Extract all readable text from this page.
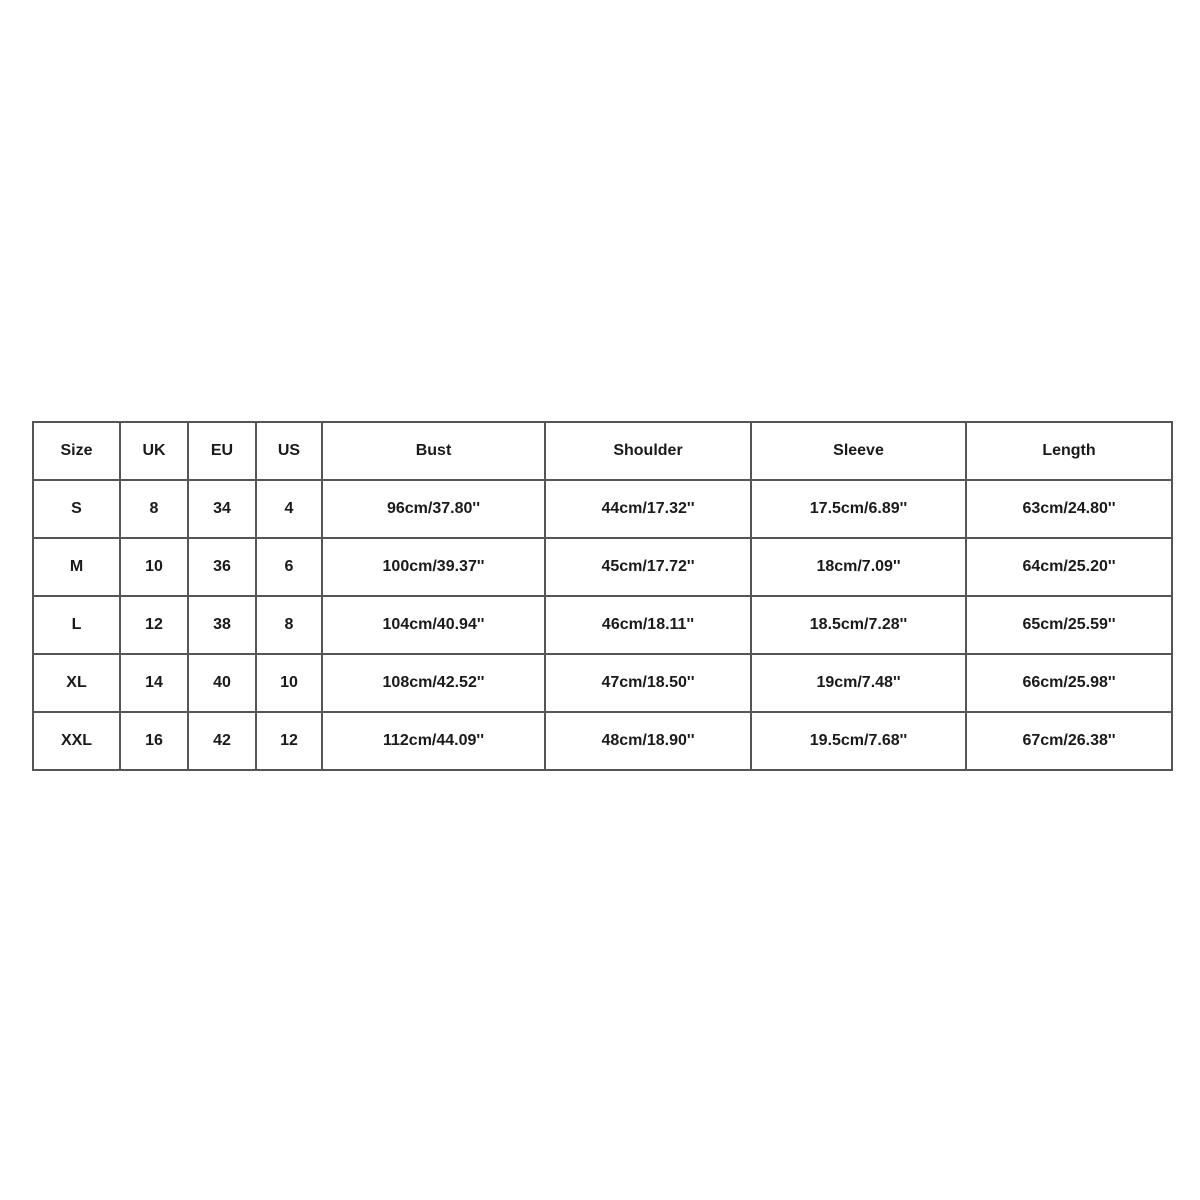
Size	UK	EU	US	Bust	Shoulder	Sleeve	Length
S	8	34	4	96cm/37.80''	44cm/17.32''	17.5cm/6.89''	63cm/24.80''
M	10	36	6	100cm/39.37''	45cm/17.72''	18cm/7.09''	64cm/25.20''
L	12	38	8	104cm/40.94''	46cm/18.11''	18.5cm/7.28''	65cm/25.59''
XL	14	40	10	108cm/42.52''	47cm/18.50''	19cm/7.48''	66cm/25.98''
XXL	16	42	12	112cm/44.09''	48cm/18.90''	19.5cm/7.68''	67cm/26.38''
